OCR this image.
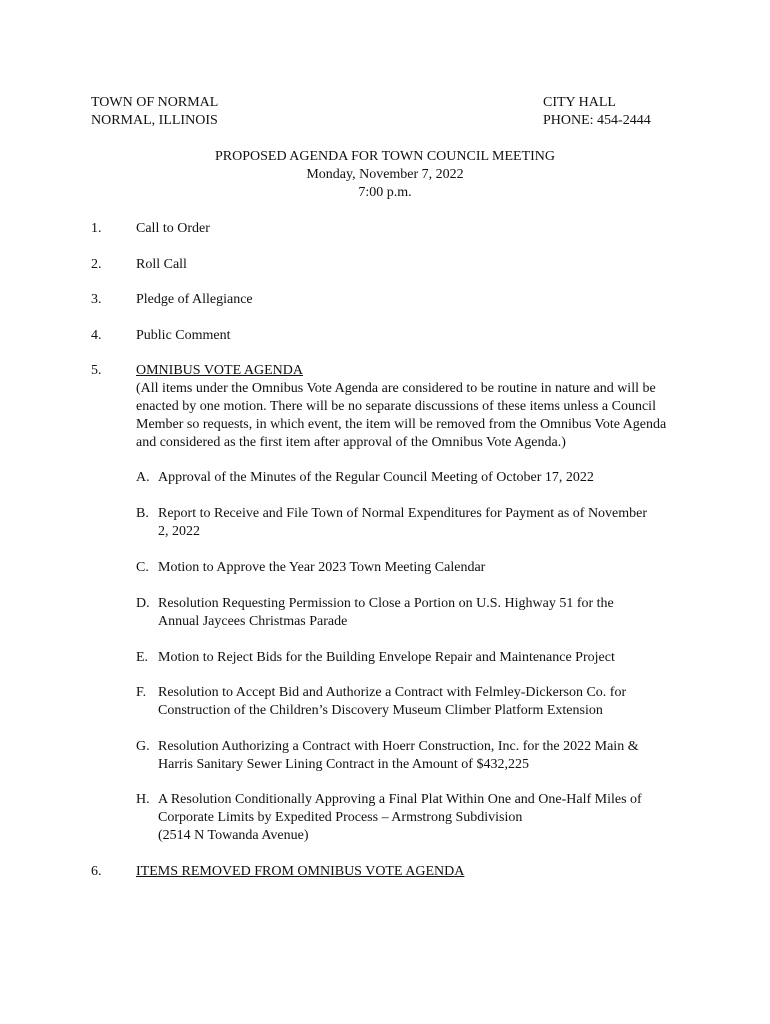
TOWN OF NORMAL
NORMAL, ILLINOIS
CITY HALL
PHONE: 454-2444
PROPOSED AGENDA FOR TOWN COUNCIL MEETING
Monday, November 7, 2022
7:00 p.m.
1. Call to Order
2. Roll Call
3. Pledge of Allegiance
4. Public Comment
5. OMNIBUS VOTE AGENDA
(All items under the Omnibus Vote Agenda are considered to be routine in nature and will be enacted by one motion. There will be no separate discussions of these items unless a Council Member so requests, in which event, the item will be removed from the Omnibus Vote Agenda and considered as the first item after approval of the Omnibus Vote Agenda.)
A. Approval of the Minutes of the Regular Council Meeting of October 17, 2022
B. Report to Receive and File Town of Normal Expenditures for Payment as of November
2, 2022
C. Motion to Approve the Year 2023 Town Meeting Calendar
D. Resolution Requesting Permission to Close a Portion on U.S. Highway 51 for the
Annual Jaycees Christmas Parade
E. Motion to Reject Bids for the Building Envelope Repair and Maintenance Project
F. Resolution to Accept Bid and Authorize a Contract with Felmley-Dickerson Co. for
Construction of the Children’s Discovery Museum Climber Platform Extension
G. Resolution Authorizing a Contract with Hoerr Construction, Inc. for the 2022 Main &
Harris Sanitary Sewer Lining Contract in the Amount of $432,225
H. A Resolution Conditionally Approving a Final Plat Within One and One-Half Miles of
Corporate Limits by Expedited Process – Armstrong Subdivision
(2514 N Towanda Avenue)
6. ITEMS REMOVED FROM OMNIBUS VOTE AGENDA
